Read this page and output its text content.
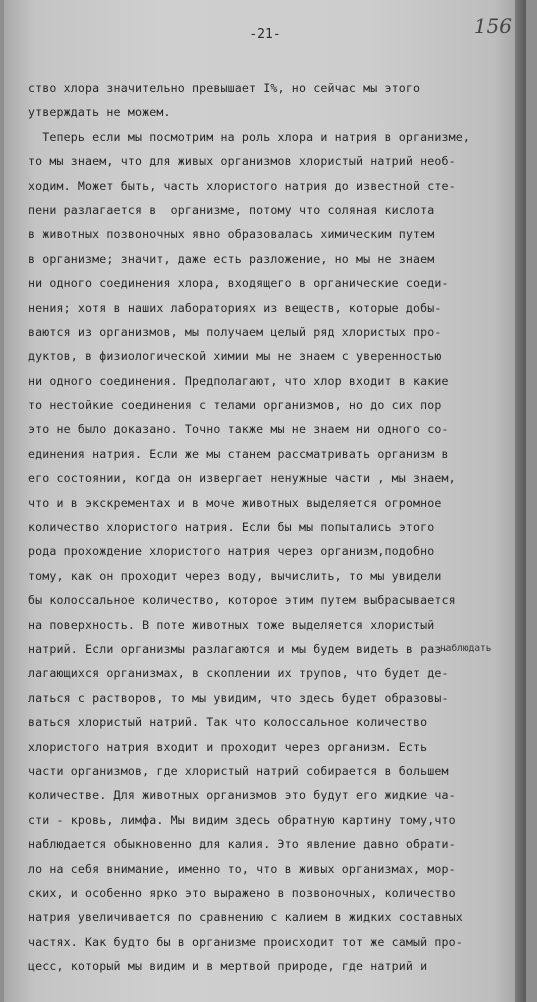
-21-	156
наблюдать
ство хлора значительно превышает I%, но сейчас мы этого
утверждать не можем.
Теперь если мы посмотрим на роль хлора и натрия в организме,
то мы знаем, что для живых организмов хлористый натрий необ-
ходим. Может быть, часть хлористого натрия до известной сте-
пени разлагается в  организме, потому что соляная кислота
в животных позвоночных явно образовалась химическим путем
в организме; значит, даже есть разложение, но мы не знаем
ни одного соединения хлора, входящего в органические соеди-
нения; хотя в наших лабораториях из веществ, которые добы-
ваются из организмов, мы получаем целый ряд хлористых про-
дуктов, в физиологической химии мы не знаем с уверенностью
ни одного соединения. Предполагают, что хлор входит в какие
то нестойкие соединения с телами организмов, но до сих пор
это не было доказано. Точно также мы не знаем ни одного со-
единения натрия. Если же мы станем рассматривать организм в
его состоянии, когда он извергает ненужные части , мы знаем,
что и в экскрементах и в моче животных выделяется огромное
количество хлористого натрия. Если бы мы попытались этого
рода прохождение хлористого натрия через организм,подобно
тому, как он проходит через воду, вычислить, то мы увидели
бы колоссальное количество, которое этим путем выбрасывается
на поверхность. В поте животных тоже выделяется хлористый
натрий. Если организмы разлагаются и мы будем видеть в раз-
лагающихся организмах, в скоплении их трупов, что будет де-
латься с растворов, то мы увидим, что здесь будет образовы-
ваться хлористый натрий. Так что колоссальное количество
хлористого натрия входит и проходит через организм. Есть
части организмов, где хлористый натрий собирается в большем
количестве. Для животных организмов это будут его жидкие ча-
сти - кровь, лимфа. Мы видим здесь обратную картину тому,что
наблюдается обыкновенно для калия. Это явление давно обрати-
ло на себя внимание, именно то, что в живых организмах, мор-
ских, и особенно ярко это выражено в позвоночных, количество
натрия увеличивается по сравнению с калием в жидких составных
частях. Как будто бы в организме происходит тот же самый про-
цесс, который мы видим и в мертвой природе, где натрий и
